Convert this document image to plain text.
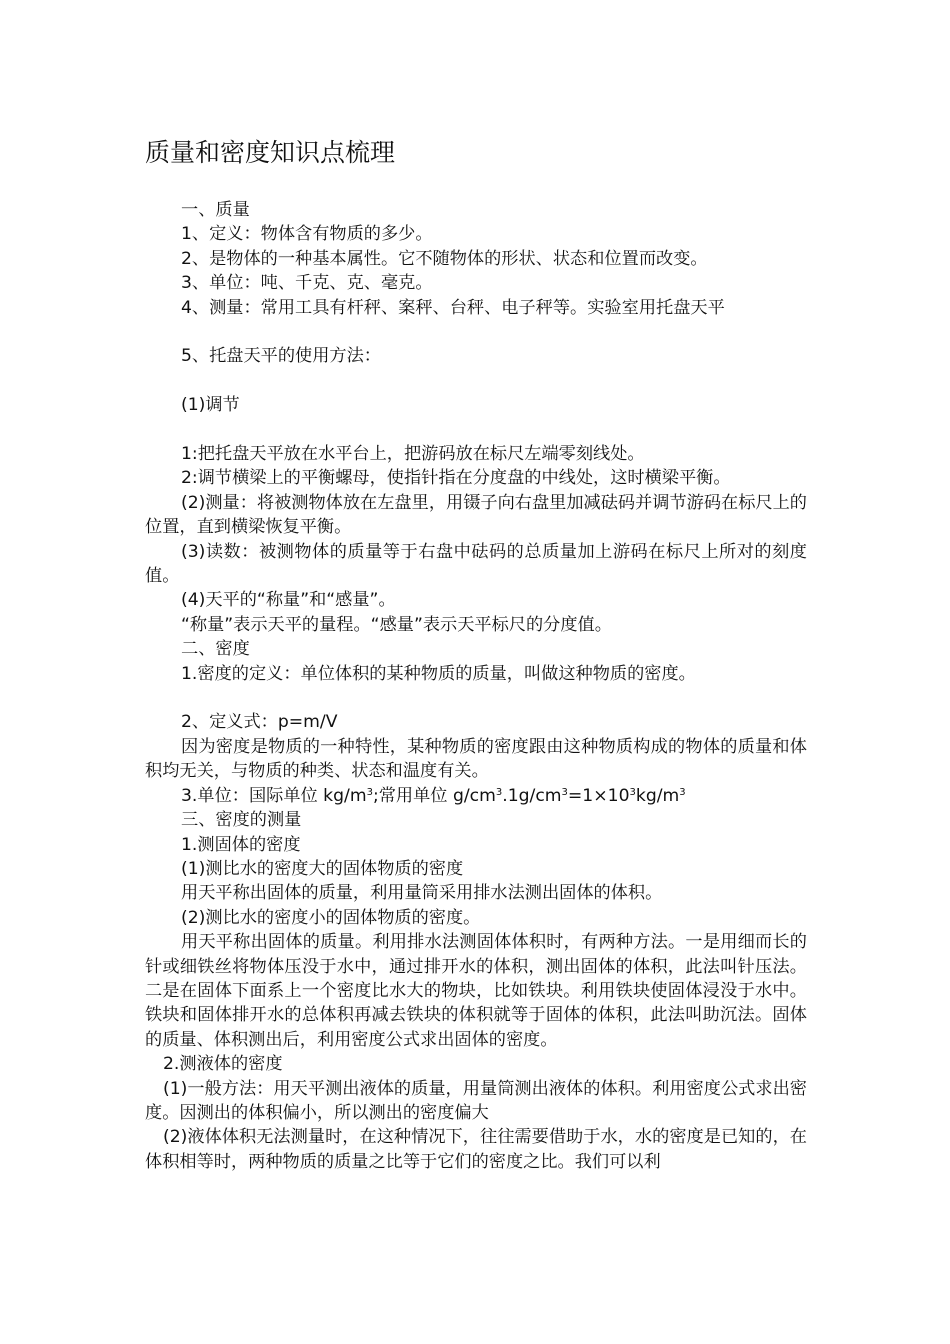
质量和密度知识点梳理

一、质量

1、定义：物体含有物质的多少。

2、是物体的一种基本属性。它不随物体的形状、状态和位置而改变。

3、单位：吨、千克、克、毫克。

4、测量：常用工具有杆秤、案秤、台秤、电子秤等。实验室用托盘天平

5、托盘天平的使用方法：

(1)调节

1:把托盘天平放在水平台上，把游码放在标尺左端零刻线处。

2:调节横梁上的平衡螺母，使指针指在分度盘的中线处，这时横梁平衡。

(2)测量：将被测物体放在左盘里，用镊子向右盘里加减砝码并调节游码在标尺上的位置，直到横梁恢复平衡。

(3)读数：被测物体的质量等于右盘中砝码的总质量加上游码在标尺上所对的刻度值。

(4)天平的“称量”和“感量”。

“称量”表示天平的量程。“感量”表示天平标尺的分度值。

二、密度

1.密度的定义：单位体积的某种物质的质量，叫做这种物质的密度。

2、定义式：p=m/V

因为密度是物质的一种特性，某种物质的密度跟由这种物质构成的物体的质量和体积均无关，与物质的种类、状态和温度有关。

3.单位：国际单位 $kg/m^3$;常用单位 $g/cm^3.1g/cm^3=1\times 10^3kg/m^3$

三、密度的测量

1.测固体的密度

(1)测比水的密度大的固体物质的密度

用天平称出固体的质量，利用量筒采用排水法测出固体的体积。

(2)测比水的密度小的固体物质的密度。

用天平称出固体的质量。利用排水法测固体体积时，有两种方法。一是用细而长的针或细铁丝将物体压没于水中，通过排开水的体积，测出固体的体积，此法叫针压法。二是在固体下面系上一个密度比水大的物块，比如铁块。利用铁块使固体浸没于水中。铁块和固体排开水的总体积再减去铁块的体积就等于固体的体积，此法叫助沉法。固体的质量、体积测出后，利用密度公式求出固体的密度。

2.测液体的密度

(1)一般方法：用天平测出液体的质量，用量筒测出液体的体积。利用密度公式求出密度。因测出的体积偏小，所以测出的密度偏大

(2)液体体积无法测量时，在这种情况下，往往需要借助于水，水的密度是已知的，在体积相等时，两种物质的质量之比等于它们的密度之比。我们可以利
